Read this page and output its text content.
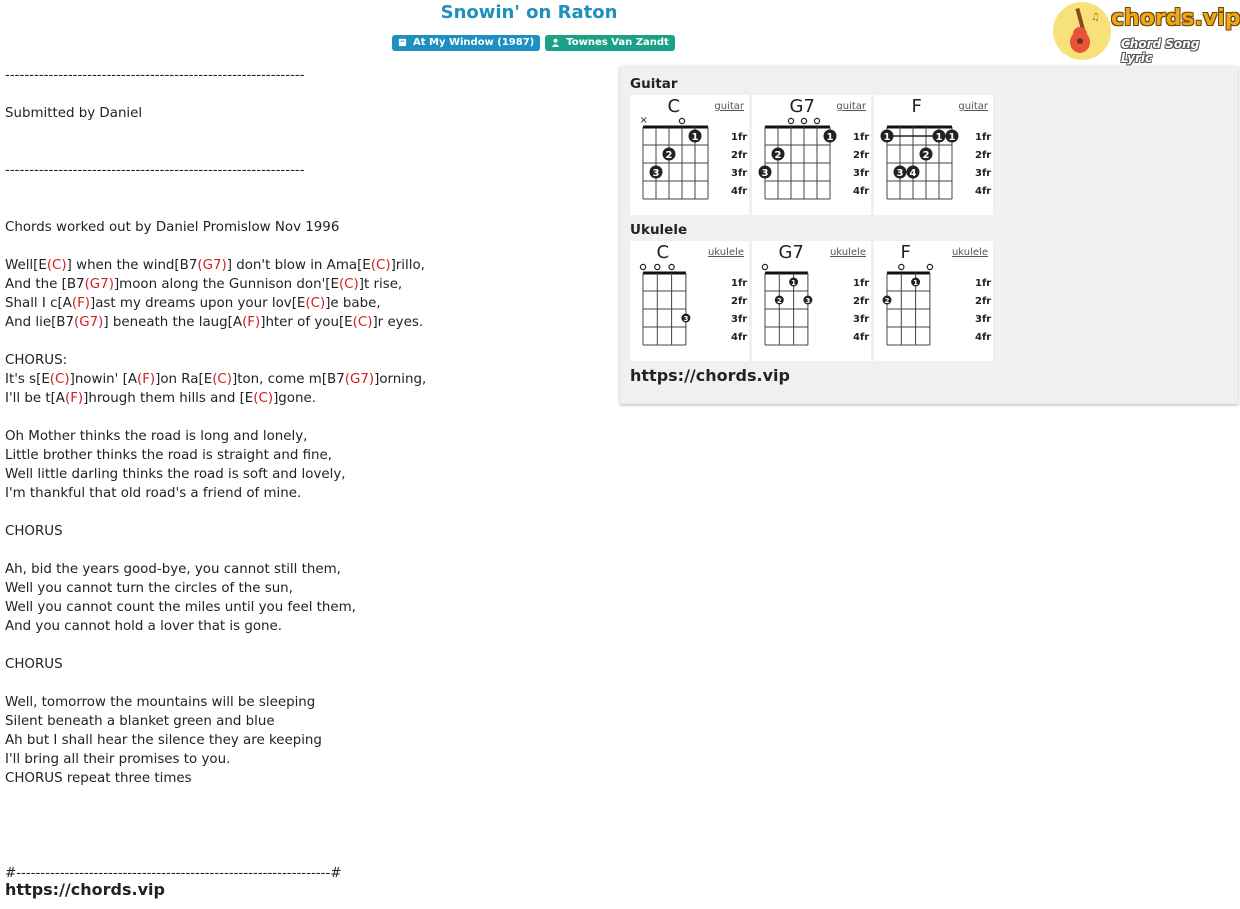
Snowin' on Raton
At My Window (1987)	Townes Van Zandt
♫ chords.vip
Chord Song Lyric
--------------------------------------------------------------
Submitted by Daniel
--------------------------------------------------------------
Chords worked out by Daniel Promislow Nov 1996
Well[E(C)] when the wind[B7(G7)] don't blow in Ama[E(C)]rillo,
And the [B7(G7)]moon along the Gunnison don'[E(C)]t rise,
Shall I c[A(F)]ast my dreams upon your lov[E(C)]e babe,
And lie[B7(G7)] beneath the laug[A(F)]hter of you[E(C)]r eyes.
CHORUS:
It's s[E(C)]nowin' [A(F)]on Ra[E(C)]ton, come m[B7(G7)]orning,
I'll be t[A(F)]hrough them hills and [E(C)]gone.
Oh Mother thinks the road is long and lonely,
Little brother thinks the road is straight and fine,
Well little darling thinks the road is soft and lovely,
I'm thankful that old road's a friend of mine.
CHORUS
Ah, bid the years good-bye, you cannot still them,
Well you cannot turn the circles of the sun,
Well you cannot count the miles until you feel them,
And you cannot hold a lover that is gone.
CHORUS
Well, tomorrow the mountains will be sleeping
Silent beneath a blanket green and blue
Ah but I shall hear the silence they are keeping
I'll bring all their promises to you.
CHORUS repeat three times
#-----------------------------------------------------------------#
https://chords.vip
Guitar
C	guitar
1fr
2fr
3fr
4fr
×
1
2
3
G7 guitar
1fr
2fr
3fr
4fr
1
2
3
F	guitar
1fr
2fr
3fr
4fr
1	1 1
2
3 4
Ukulele
C	ukulele
1fr
2fr
3fr
4fr
3
G7	ukulele
1fr
2fr
3fr
4fr
1
2	3
F	ukulele
1fr
2fr
3fr
4fr
1
2
https://chords.vip
